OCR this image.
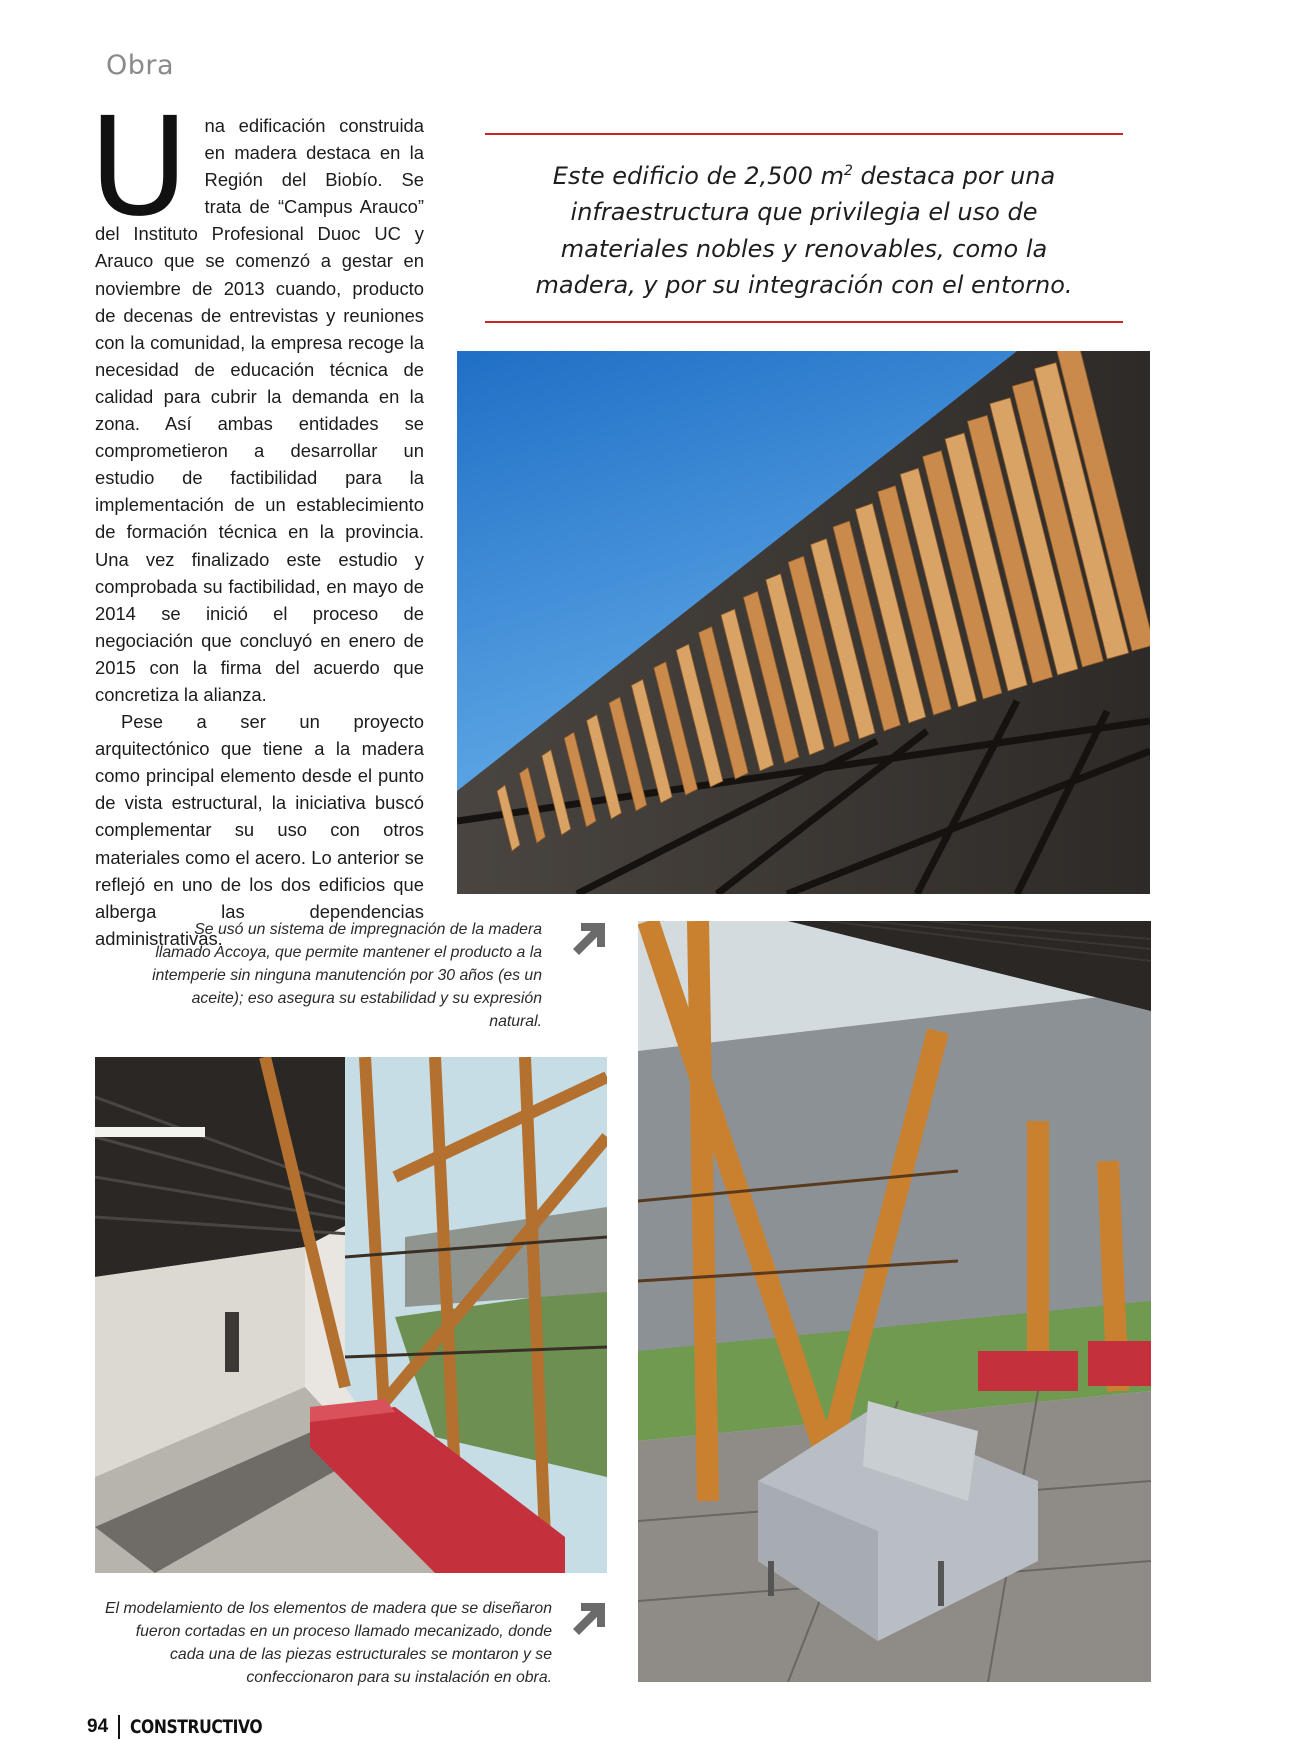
Obra

Una edificación construida en madera destaca en la Región del Biobío. Se trata de “Campus Arauco” del Instituto Profesional Duoc UC y Arauco que se comenzó a gestar en noviembre de 2013 cuando, producto de decenas de entrevistas y reuniones con la comunidad, la empresa recoge la necesidad de educación técnica de calidad para cubrir la demanda en la zona. Así ambas entidades se comprometieron a desarrollar un estudio de factibilidad para la implementación de un establecimiento de formación técnica en la provincia. Una vez finalizado este estudio y comprobada su factibilidad, en mayo de 2014 se inició el proceso de negociación que concluyó en enero de 2015 con la firma del acuerdo que concretiza la alianza.

Pese a ser un proyecto arquitectónico que tiene a la madera como principal elemento desde el punto de vista estructural, la iniciativa buscó complementar su uso con otros materiales como el acero. Lo anterior se reflejó en uno de los dos edificios que alberga las dependencias administrativas.

Este edificio de 2,500 $m^2$ destaca por una infraestructura que privilegia el uso de materiales nobles y renovables, como la madera, y por su integración con el entorno.
Se usó un sistema de impregnación de la madera llamado Accoya, que permite mantener el producto a la intemperie sin ninguna manutención por 30 años (es un aceite); eso asegura su estabilidad y su expresión natural.
El modelamiento de los elementos de madera que se diseñaron fueron cortadas en un proceso llamado mecanizado, donde cada una de las piezas estructurales se montaron y se confeccionaron para su instalación en obra.
94 CONSTRUCTIVO
